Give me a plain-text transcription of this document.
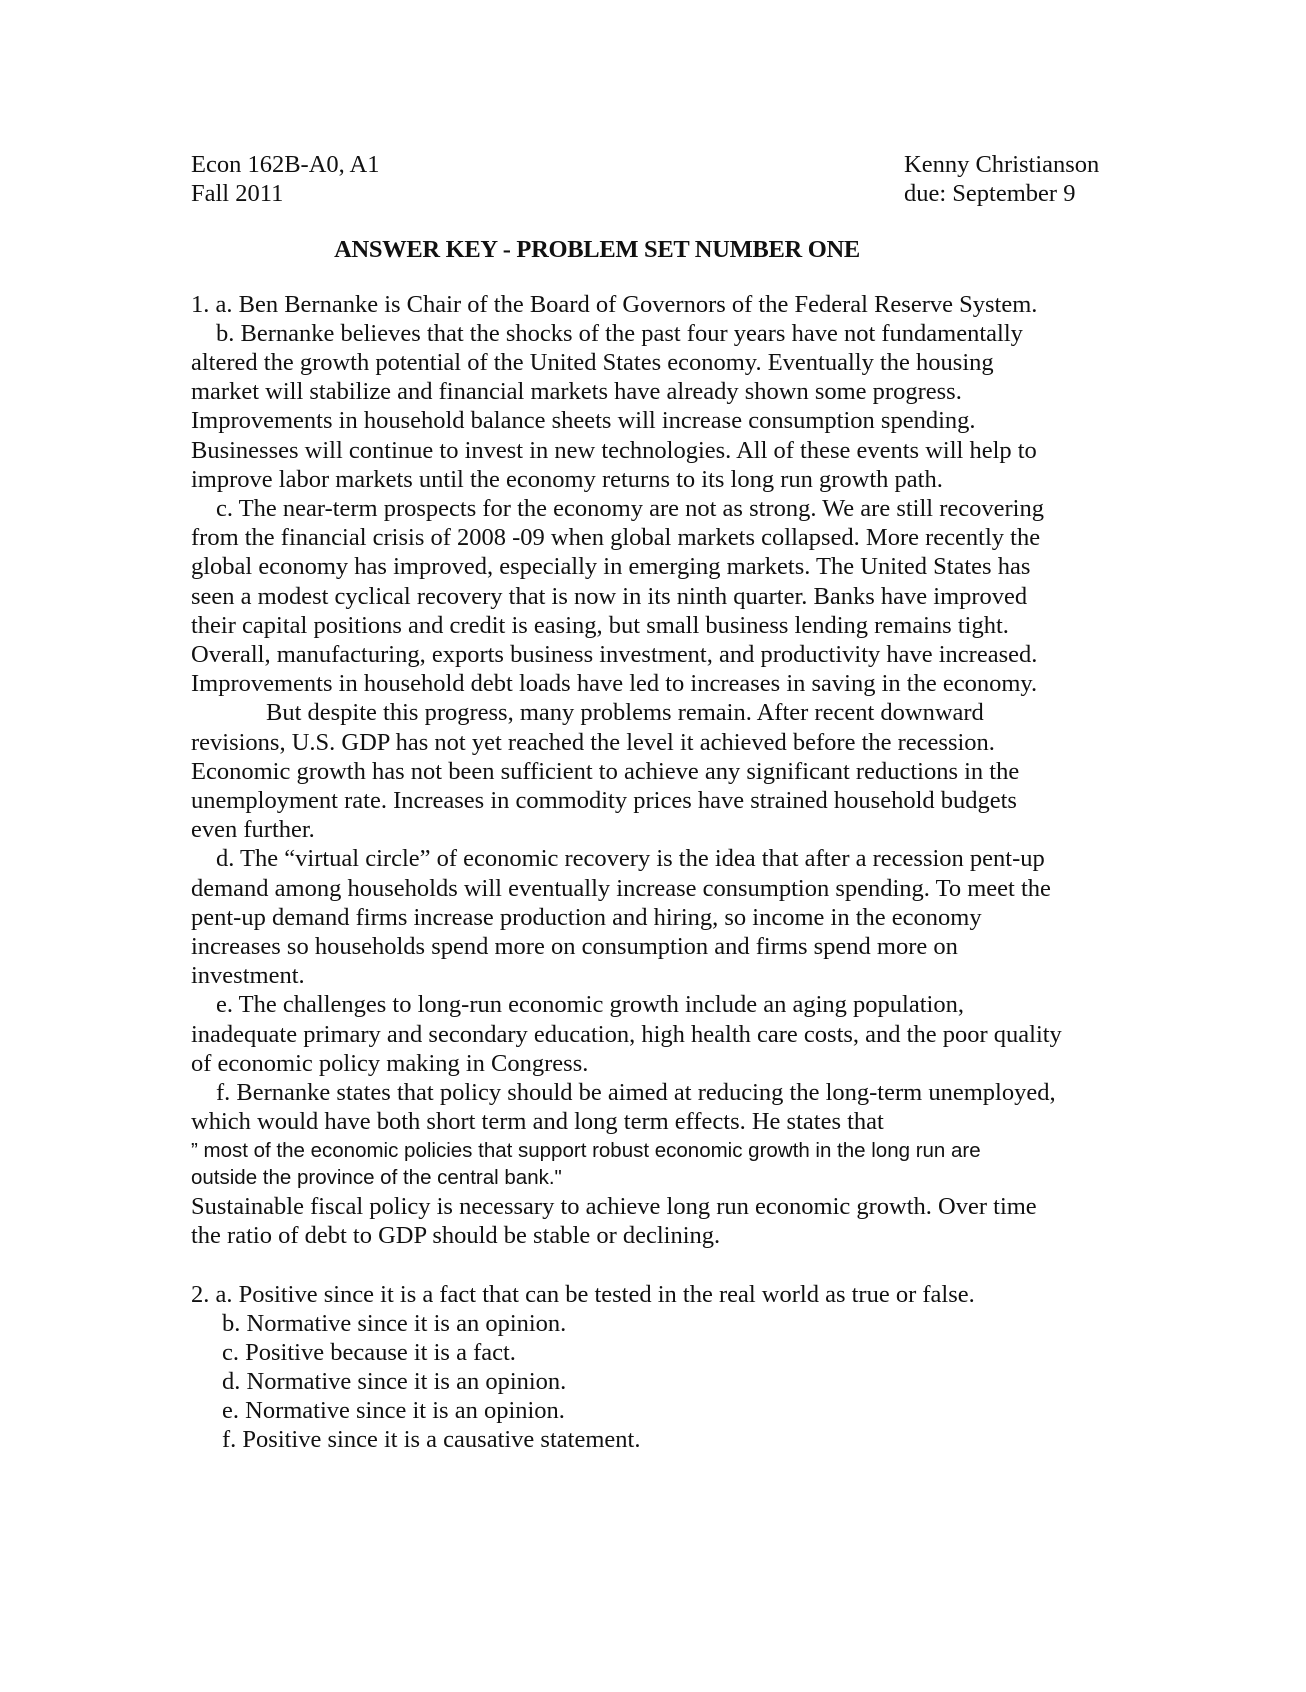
Econ 162B-A0, A1
Fall 2011
Kenny Christianson
due: September 9
ANSWER KEY - PROBLEM SET NUMBER ONE
1. a. Ben Bernanke is Chair of the Board of Governors of the Federal Reserve System.
b. Bernanke believes that the shocks of the past four years have not fundamentally
altered the growth potential of the United States economy. Eventually the housing
market will stabilize and financial markets have already shown some progress.
Improvements in household balance sheets will increase consumption spending.
Businesses will continue to invest in new technologies. All of these events will help to
improve labor markets until the economy returns to its long run growth path.
c. The near-term prospects for the economy are not as strong. We are still recovering
from the financial crisis of 2008 -09 when global markets collapsed. More recently the
global economy has improved, especially in emerging markets. The United States has
seen a modest cyclical recovery that is now in its ninth quarter. Banks have improved
their capital positions and credit is easing, but small business lending remains tight.
Overall, manufacturing, exports business investment, and productivity have increased.
Improvements in household debt loads have led to increases in saving in the economy.
But despite this progress, many problems remain. After recent downward
revisions, U.S. GDP has not yet reached the level it achieved before the recession.
Economic growth has not been sufficient to achieve any significant reductions in the
unemployment rate. Increases in commodity prices have strained household budgets
even further.
d. The “virtual circle” of economic recovery is the idea that after a recession pent-up
demand among households will eventually increase consumption spending. To meet the
pent-up demand firms increase production and hiring, so income in the economy
increases so households spend more on consumption and firms spend more on
investment.
e. The challenges to long-run economic growth include an aging population,
inadequate primary and secondary education, high health care costs, and the poor quality
of economic policy making in Congress.
f. Bernanke states that policy should be aimed at reducing the long-term unemployed,
which would have both short term and long term effects. He states that
” most of the economic policies that support robust economic growth in the long run are
outside the province of the central bank."
Sustainable fiscal policy is necessary to achieve long run economic growth. Over time
the ratio of debt to GDP should be stable or declining.
2. a. Positive since it is a fact that can be tested in the real world as true or false.
b. Normative since it is an opinion.
c. Positive because it is a fact.
d. Normative since it is an opinion.
e. Normative since it is an opinion.
f. Positive since it is a causative statement.
